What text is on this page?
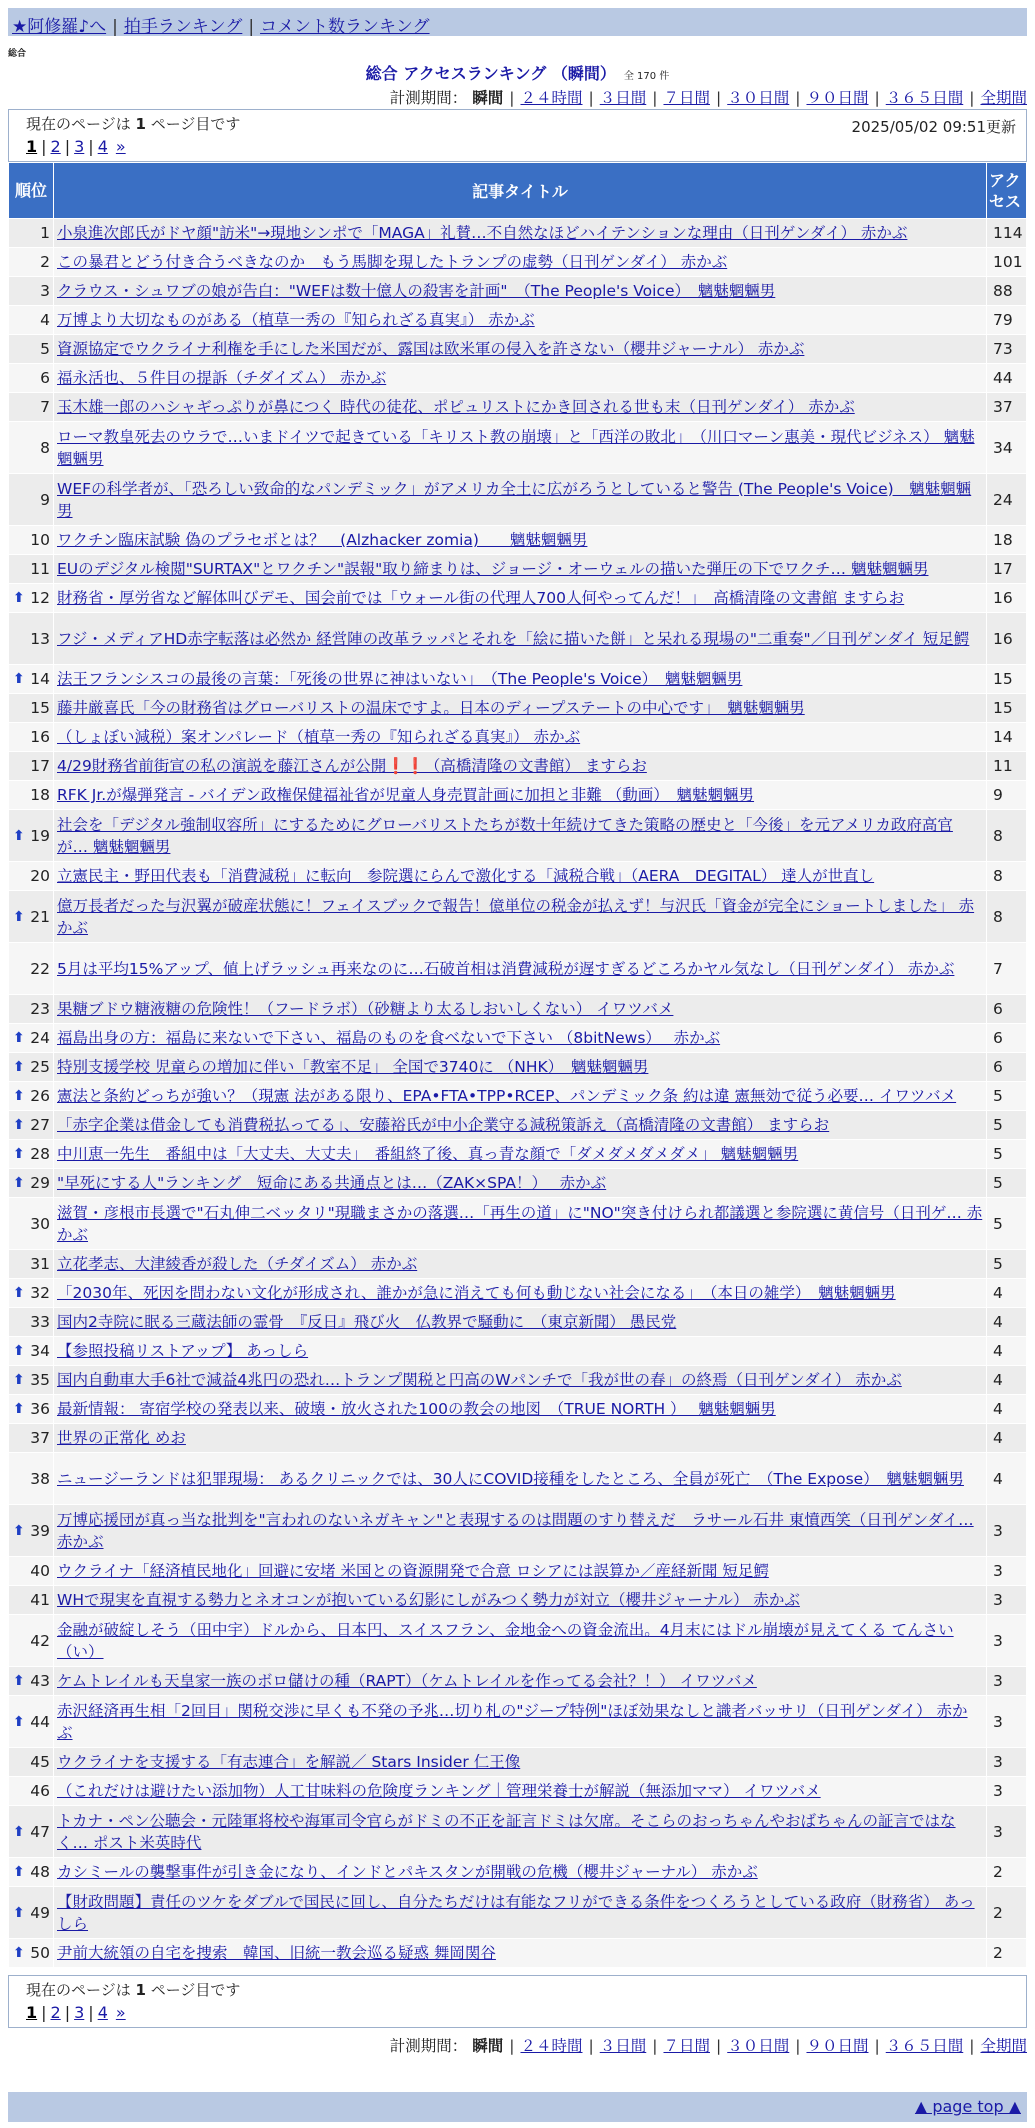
★阿修羅♪へ | 拍手ランキング | コメント数ランキング
総合
総合 アクセスランキング （瞬間） 全 170 件
計測期間： 瞬間 | ２４時間 | ３日間 | ７日間 | ３０日間 | ９０日間 | ３６５日間 | 全期間
現在のページは 1 ページ目です	2025/05/02 09:51更新
1 | 2 | 3 | 4 »
順位	記事タイトル	アクセス
1	小泉進次郎氏がドヤ顔"訪米"→現地シンポで「MAGA」礼賛…不自然なほどハイテンションな理由（日刊ゲンダイ） 赤かぶ	114
2	この暴君とどう付き合うべきなのか　もう馬脚を現したトランプの虚勢（日刊ゲンダイ） 赤かぶ	101
3	クラウス・シュワブの娘が告白："WEFは数十億人の殺害を計画"　（The People's Voice）　魑魅魍魎男	88
4	万博より大切なものがある（植草一秀の『知られざる真実』） 赤かぶ	79
5	資源協定でウクライナ利権を手にした米国だが、露国は欧米軍の侵入を許さない（櫻井ジャーナル） 赤かぶ	73
6	福永活也、５件目の提訴（チダイズム） 赤かぶ	44
7	玉木雄一郎のハシャギっぷりが鼻につく 時代の徒花、ポピュリストにかき回される世も末（日刊ゲンダイ） 赤かぶ	37
8	ローマ教皇死去のウラで…いまドイツで起きている「キリスト教の崩壊」と「西洋の敗北」　（川口マーン惠美・現代ビジネス） 魑魅魍魎男	34
9	WEFの科学者が、「恐ろしい致命的なパンデミック」がアメリカ全土に広がろうとしていると警告 (The People's Voice)　魑魅魍魎男	24
10	ワクチン臨床試験 偽のプラセボとは？　(Alzhacker zomia)　　魑魅魍魎男	18
11	EUのデジタル検閲"SURTAX"とワクチン"誤報"取り締まりは、ジョージ・オーウェルの描いた弾圧の下でワクチ… 魑魅魍魎男	17

⬆ 12	財務省・厚労省など解体叫びデモ、国会前では「ウォール街の代理人700人何やってんだ！」　高橋清隆の文書館 ますらお	16
13	フジ・メディアHD赤字転落は必然か 経営陣の改革ラッパとそれを「絵に描いた餅」と呆れる現場の"二重奏"／日刊ゲンダイ 短足鰐	16

⬆ 14	法王フランシスコの最後の言葉：「死後の世界に神はいない」　（The People's Voice）　魑魅魍魎男	15
15	藤井厳喜氏「今の財務省はグローバリストの温床ですよ。日本のディープステートの中心です」　魑魅魍魎男	15
16	（しょぼい減税）案オンパレード（植草一秀の『知られざる真実』） 赤かぶ	14
17	4/29財務省前街宣の私の演説を藤江さんが公開❗️❗️（高橋清隆の文書館） ますらお	11
18	RFK Jr.が爆弾発言 - バイデン政権保健福祉省が児童人身売買計画に加担と非難 （動画）　魑魅魍魎男	9

⬆ 19	社会を「デジタル強制収容所」にするためにグローバリストたちが数十年続けてきた策略の歴史と「今後」を元アメリカ政府高官が… 魑魅魍魎男	8
20	立憲民主・野田代表も「消費減税」に転向　参院選にらんで激化する「減税合戦」（AERA　DEGITAL） 達人が世直し	8

⬆ 21	億万長者だった与沢翼が破産状態に！フェイスブックで報告！億単位の税金が払えず！与沢氏「資金が完全にショートしました」 赤かぶ	8
22	5月は平均15%アップ、値上げラッシュ再来なのに…石破首相は消費減税が遅すぎるどころかヤル気なし（日刊ゲンダイ） 赤かぶ	7
23	果糖ブドウ糖液糖の危険性！（フードラボ）（砂糖より太るしおいしくない） イワツバメ	6

⬆ 24	福島出身の方：福島に来ないで下さい、福島のものを食べないで下さい （8bitNews）　 赤かぶ	6

⬆ 25	特別支援学校 児童らの増加に伴い「教室不足」 全国で3740に （NHK）　魑魅魍魎男	6

⬆ 26	憲法と条約どっちが強い？（現憲 法がある限り、EPA•FTA•TPP•RCEP、パンデミック条 約は違 憲無効で従う必要… イワツバメ	5

⬆ 27	「赤字企業は借金しても消費税払ってる」、安藤裕氏が中小企業守る減税策訴え（高橋清隆の文書館） ますらお	5

⬆ 28	中川恵一先生　番組中は「大丈夫、大丈夫」　番組終了後、真っ青な顔で「ダメダメダメダメ」 魑魅魍魎男	5

⬆ 29	"早死にする人"ランキング　短命にある共通点とは…（ZAK×SPA！）　 赤かぶ	5
30	滋賀・彦根市長選で"石丸伸二ベッタリ"現職まさかの落選…「再生の道」に"NO"突き付けられ都議選と参院選に黄信号（日刊ゲ… 赤かぶ	5
31	立花孝志、大津綾香が殺した（チダイズム） 赤かぶ	5

⬆ 32	「2030年、死因を問わない文化が形成され、誰かが急に消えても何も動じない社会になる」　（本日の雑学）　魑魅魍魎男	4
33	国内2寺院に眠る三蔵法師の霊骨　『反日』飛び火　仏教界で騒動に　（東京新聞） 愚民党	4

⬆ 34	【参照投稿リストアップ】 あっしら	4

⬆ 35	国内自動車大手6社で減益4兆円の恐れ…トランプ関税と円高のWパンチで「我が世の春」の終焉（日刊ゲンダイ） 赤かぶ	4

⬆ 36	最新情報： 寄宿学校の発表以来、破壊・放火された100の教会の地図　（TRUE NORTH ）　 魑魅魍魎男	4
37	世界の正常化 めお	4
38	ニュージーランドは犯罪現場： あるクリニックでは、30人にCOVID接種をしたところ、全員が死亡　（The Expose）　魑魅魍魎男	4

⬆ 39	万博応援団が真っ当な批判を"言われのないネガキャン"と表現するのは問題のすり替えだ　ラサール石井 東憤西笑（日刊ゲンダイ… 赤かぶ	3
40	ウクライナ「経済植民地化」回避に安堵 米国との資源開発で合意 ロシアには誤算か／産経新聞 短足鰐	3
41	WHで現実を直視する勢力とネオコンが抱いている幻影にしがみつく勢力が対立（櫻井ジャーナル） 赤かぶ	3
42	金融が破綻しそう（田中宇）ドルから、日本円、スイスフラン、金地金への資金流出。4月末にはドル崩壊が見えてくる てんさい（い）	3

⬆ 43	ケムトレイルも天皇家一族のボロ儲けの種（RAPT）（ケムトレイルを作ってる会社？！） イワツバメ	3

⬆ 44	赤沢経済再生相「2回目」関税交渉に早くも不発の予兆…切り札の"ジープ特例"ほぼ効果なしと識者バッサリ（日刊ゲンダイ） 赤かぶ	3
45	ウクライナを支援する「有志連合」を解説／ Stars Insider 仁王像	3
46	（これだけは避けたい添加物）人工甘味料の危険度ランキング｜管理栄養士が解説（無添加ママ） イワツバメ	3

⬆ 47	トカナ・ペン公聴会・元陸軍将校や海軍司令官らがドミの不正を証言ドミは欠席。そこらのおっちゃんやおばちゃんの証言ではな く… ポスト米英時代	3

⬆ 48	カシミールの襲撃事件が引き金になり、インドとパキスタンが開戦の危機（櫻井ジャーナル） 赤かぶ	2

⬆ 49	【財政問題】責任のツケをダブルで国民に回し、自分たちだけは有能なフリができる条件をつくろうとしている政府（財務省） あっしら	2

⬆ 50	尹前大統領の自宅を捜索　韓国、旧統一教会巡る疑惑 舞岡関谷	2
現在のページは 1 ページ目です
1 | 2 | 3 | 4 »
計測期間： 瞬間 | ２４時間 | ３日間 | ７日間 | ３０日間 | ９０日間 | ３６５日間 | 全期間
▲ page top ▲
